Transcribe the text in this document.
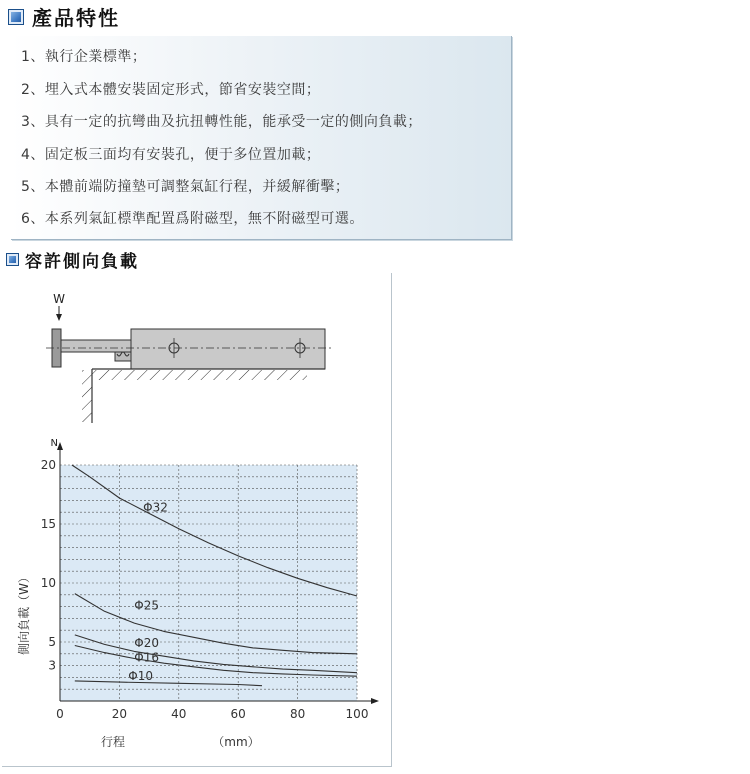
產品特性
1、執行企業標準；
2、埋入式本體安裝固定形式，節省安裝空間；
3、具有一定的抗彎曲及抗扭轉性能，能承受一定的側向負載；
4、固定板三面均有安裝孔，便于多位置加載；
5、本體前端防撞墊可調整氣缸行程，并緩解衝擊；
6、本系列氣缸標準配置爲附磁型，無不附磁型可選。
容許側向負載
W
N
0	20	40	60	80	100
3
5
10
15
20
Φ32
Φ25
Φ20
Φ16
Φ10
行程	（mm）
側向負載（W）
